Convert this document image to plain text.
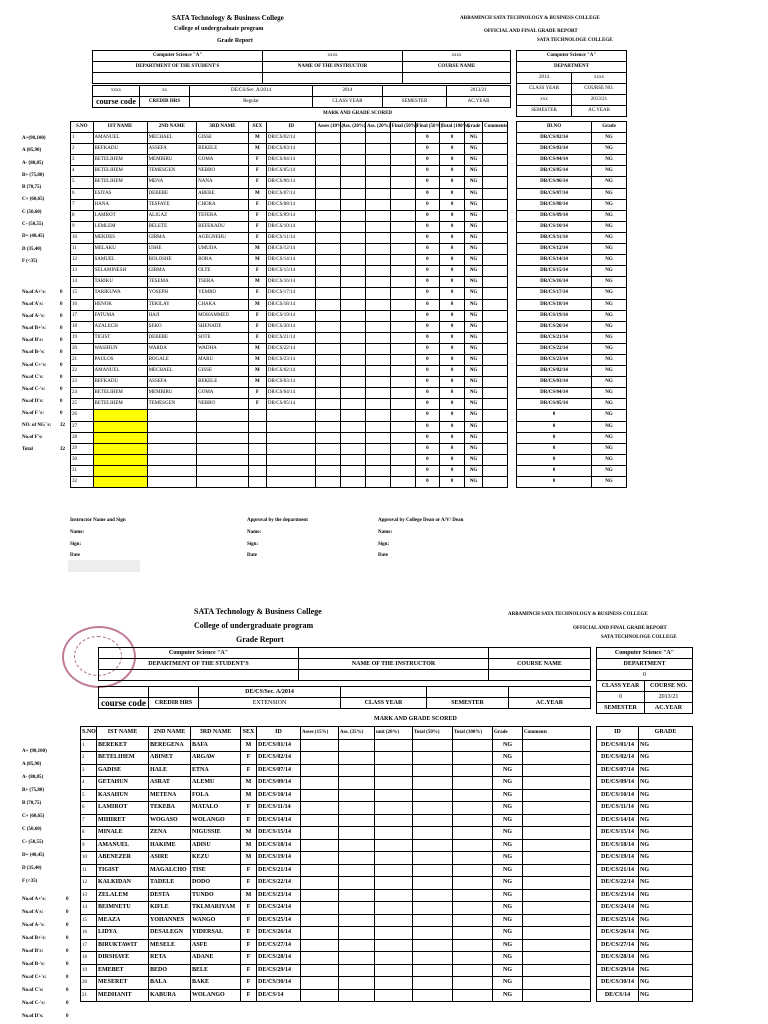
SATA Technology & Business College
College of undergraduate program
Grade Report
ARBAMINCH SATA TECHNOLOGY & BUSINESS COLLEGE
OFFICIAL AND FINAL GRADE REPORT
SATA TECHNOLOGE COLLEGE
Computer Science "A"	xxxx	xxxx
DEPARTMENT OF THE STUDENT'S	NAME OF THE INSTRUCTOR	COURSE NAME

xxxx	xx	DE/CS/Sec. A/2014	2014		2013/21
course code	CREDIR HRS	Regular	CLASS YEAR	SEMESTER	AC.YEAR
MARK AND GRADE SCORED
Computer Science "A"	
DEPARTMENT	
2014	xxxx
CLASS YEAR	COURSE NO.
xxx	2013/21
SEMESTER	AC.YEAR
S.NO	IST NAME	2ND NAME	3RD NAME	SEX	ID	Asses (10%)	Ass. (20%)	Ass. (20%)	Final (50%)	Final (50%)	Total (100%)	Grade	Comments
1	AMANUEL	MECHAEL	GISSE	M	DR/CS/02/14					0	0	NG	
2	BEFKADU	ASSEFA	BEKELE	M	DR/CS/03/14					0	0	NG	
3	BETELIHEM	MEMBIRU	GOMA	F	DR/CS/04/14					0	0	NG	
4	BETELIHEM	TEMESGEN	NEBRO	F	DR/CS/05/14					0	0	NG	
5	BETELIHEM	MENA	NANA	F	DR/CS/06/14					0	0	NG	
6	ESIYAS	DEBEBE	ABEBE	M	DR/CS/07/14					0	0	NG	
7	HANA	TESFAYE	CHORA	F	DR/CS/08/14					0	0	NG	
8	LAMROT	ALIGAZ	TEFERA	F	DR/CS/09/14					0	0	NG	
9	LEMLEM	BELETE	BEFEKADU	F	DR/CS/10/14					0	0	NG	
10	MEKDES	GIRMA	AGEGNEHU	F	DR/CS/11/14					0	0	NG	
11	MELAKU	USHE	UMUDA	M	DR/CS/12/14					0	0	NG	
12	SAMUEL	BOLOSHE	BORA	M	DR/CS/14/14					0	0	NG	
13	SELAMINESH	GIRMA	OLTE	F	DR/CS/15/14					0	0	NG	
14	TARIKU	TESEMA	TSERA	M	DR/CS/16/14					0	0	NG	
15	TARIKUWA	YOSEPH	YEMRO	F	DR/CS/17/14					0	0	NG	
16	HENOK	TEKILAY	CHAKA	M	DR/CS/18/14					0	0	NG	
17	FATUMA	HAJI	MOHAMMED	F	DR/CS/19/14					0	0	NG	
18	AZALECH	SEKO	SHENADE	F	DR/CS/20/14					0	0	NG	
19	TIGIST	DEBEBE	SOTE	F	DR/CS/21/14					0	0	NG	
20	WASIHUN	WARDA	WADHA	M	DR/CS/22/14					0	0	NG	
21	PAULOS	BOGALE	MARU	M	DR/CS/23/14					0	0	NG	
22	AMANUEL	MECHAEL	GISSE	M	DR/CS/02/14					0	0	NG	
23	BEFKADU	ASSEFA	BEKELE	M	DR/CS/03/14					0	0	NG	
24	BETELIHEM	MEMBIRU	GOMA	F	DR/CS/04/14					0	0	NG	
25	BETELIHEM	TEMESGEN	NEBRO	F	DR/CS/05/14					0	0	NG	
26										0	0	NG	
27										0	0	NG	
28										0	0	NG	
29										0	0	NG	
30										0	0	NG	
31										0	0	NG	
32										0	0	NG	
ID.NO	Grade
DR/CS/02/14	NG
DR/CS/03/14	NG
DR/CS/04/14	NG
DR/CS/05/14	NG
DR/CS/06/14	NG
DR/CS/07/14	NG
DR/CS/08/14	NG
DR/CS/09/14	NG
DR/CS/10/14	NG
DR/CS/11/14	NG
DR/CS/12/14	NG
DR/CS/14/14	NG
DR/CS/15/14	NG
DR/CS/16/14	NG
DR/CS/17/14	NG
DR/CS/18/14	NG
DR/CS/19/14	NG
DR/CS/20/14	NG
DR/CS/21/14	NG
DR/CS/22/14	NG
DR/CS/23/14	NG
DR/CS/02/14	NG
DR/CS/03/14	NG
DR/CS/04/14	NG
DR/CS/05/14	NG
0	NG
0	NG
0	NG
0	NG
0	NG
0	NG
0	NG
A+(90,100)
A (85,90)
A- (80,85)
B+ (75,80)
B (70,75)
C+ (60,65)
C (50,60)
C- (50,55)
D+ (40,45)
D (35,40)
F (<35)
No.of A+'s:	0
No.of A's:	0
No.of A-'s:	0
No.of B+'s:	0
No.of B's:	0
No.of B-'s:	0
No.of C+'s:	0
No.of C's:	0
No.of C-'s:	0
No.of D's:	0
No.of F 's:	0
NO. of NG 's: 32
No.of F's:
Total	32
Instructor Name and Sign	Approval by the department	Approval by College Dean or A/V/ Dean
Name:	Name:	Name:
Sign:	Sign:	Sign:
Date	Date	Date
SATA Technology & Business College
College of undergraduate program
Grade Report
ARBAMINCH SATA TECHNOLOGY & BUSINESS COLLEGE
OFFICIAL AND FINAL GRADE REPORT
SATA TECHNOLOGE COLLEGE
Computer Science "A"		
DEPARTMENT OF THE STUDENT'S	NAME OF THE INSTRUCTOR	COURSE NAME

		DE/CS/Sec. A/2014			
course code	CREDIR HRS	EXTENSION	CLASS YEAR	SEMESTER	AC.YEAR
MARK AND GRADE SCORED
Computer Science "A"	
DEPARTMENT	
0	
CLASS YEAR	COURSE NO.
0	2013/21
SEMESTER	AC.YEAR
S.NO	IST NAME	2ND NAME	3RD NAME	SEX	ID	Asses (15%)	Ass. (35%)	unit (20%)	Total (50%)	Total (100%)	Grade	Comments
1	BEREKET	BEREGENA	BAFA	M	DE/CS/01/14						NG	
2	BETELIHEM	ABINET	ARGAW	F	DE/CS/02/14						NG	
3	GADISE	HALE	ETNA	F	DE/CS/07/14						NG	
4	GETAHUN	ASRAT	ALEMU	M	DE/CS/09/14						NG	
5	KASAHUN	METENA	FOLA	M	DE/CS/10/14						NG	
6	LAMIROT	TEKEBA	MATALO	F	DE/CS/11/14						NG	
7	MIHIRET	WOGASO	WOLANGO	F	DE/CS/14/14						NG	
8	MINALE	ZENA	NIGUSSIE	M	DE/CS/15/14						NG	
9	AMANUEL	HAKIME	ADISU	M	DE/CS/18/14						NG	
10	ABENEZER	ASIRE	KEZU	M	DE/CS/19/14						NG	
11	TIGIST	MAGALCHO	TISE	F	DE/CS/21/14						NG	
12	KALKIDAN	TADELE	DODO	F	DE/CS/22/14						NG	
13	ZELALEM	DESTA	TUNDO	M	DE/CS/23/14						NG	
14	BEIMNETU	KIFLE	TKLMARIYAM	F	DE/CS/24/14						NG	
15	MEAZA	YOHANNES	WANGO	F	DE/CS/25/14						NG	
16	LIDYA	DESALEGN	YIDERSAL	F	DE/CS/26/14						NG	
17	BIRUKTAWIT	MESELE	ASFE	F	DE/CS/27/14						NG	
18	DIRSHAYE	RETA	ADANE	F	DE/CS/28/14						NG	
19	EMEBET	BEDO	BELE	F	DE/CS/29/14						NG	
20	MESERET	BALA	BAKE	F	DE/CS/30/14						NG	
21	MEDHANIT	KABURA	WOLANGO	F	DE/CS/14						NG	
ID	GRADE
DE/CS/01/14	NG
DE/CS/02/14	NG
DE/CS/07/14	NG
DE/CS/09/14	NG
DE/CS/10/14	NG
DE/CS/11/14	NG
DE/CS/14/14	NG
DE/CS/15/14	NG
DE/CS/18/14	NG
DE/CS/19/14	NG
DE/CS/21/14	NG
DE/CS/22/14	NG
DE/CS/23/14	NG
DE/CS/24/14	NG
DE/CS/25/14	NG
DE/CS/26/14	NG
DE/CS/27/14	NG
DE/CS/28/14	NG
DE/CS/29/14	NG
DE/CS/30/14	NG
DE/CS/14	NG
A+ (90,100)
A (85,90)
A- (80,85)
B+ (75,80)
B (70,75)
C+ (60,65)
C (50,60)
C- (50,55)
D+ (40,45)
D (35,40)
F (<35)
No.of A+'s:	0
No.of A's:	0
No.of A-'s:	0
No.of B+'s:	0
No.of B's:	0
No.of B-'s:	0
No.of C+'s:	0
No.of C's:	0
No.of C-'s:	0
No.of D's:	0
